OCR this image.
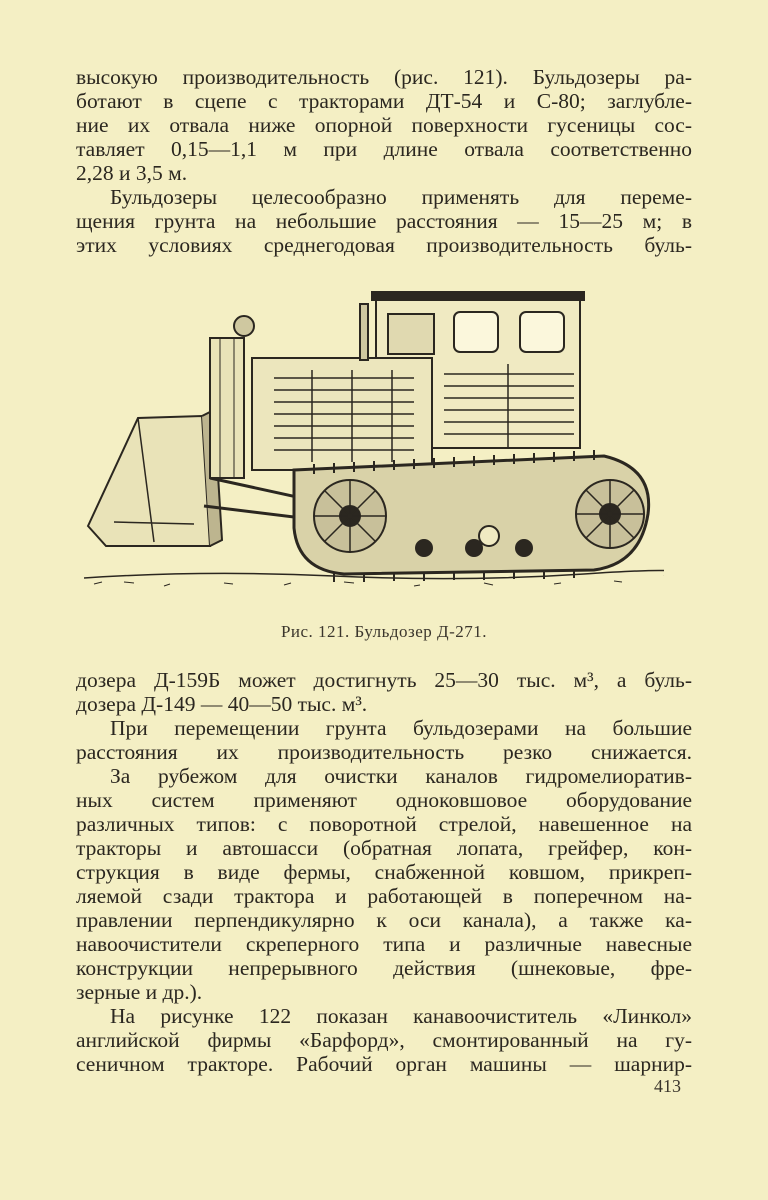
высокую производительность (рис. 121). Бульдозеры ра-
ботают в сцепе с тракторами ДТ-54 и С-80; заглубле-
ние их отвала ниже опорной поверхности гусеницы сос-
тавляет 0,15—1,1 м при длине отвала соответственно
2,28 и 3,5 м.
Бульдозеры целесообразно применять для переме-
щения грунта на небольшие расстояния — 15—25 м; в
этих условиях среднегодовая производительность буль-
Рис. 121. Бульдозер Д-271.
дозера Д-159Б может достигнуть 25—30 тыс. м³, а буль-
дозера Д-149 — 40—50 тыс. м³.
При перемещении грунта бульдозерами на большие
расстояния их производительность резко снижается.
За рубежом для очистки каналов гидромелиоратив-
ных систем применяют одноковшовое оборудование
различных типов: с поворотной стрелой, навешенное на
тракторы и автошасси (обратная лопата, грейфер, кон-
струкция в виде фермы, снабженной ковшом, прикреп-
ляемой сзади трактора и работающей в поперечном на-
правлении перпендикулярно к оси канала), а также ка-
навоочистители скреперного типа и различные навесные
конструкции непрерывного действия (шнековые, фре-
зерные и др.).
На рисунке 122 показан канавоочиститель «Линкол»
английской фирмы «Барфорд», смонтированный на гу-
сеничном тракторе. Рабочий орган машины — шарнир-
413
